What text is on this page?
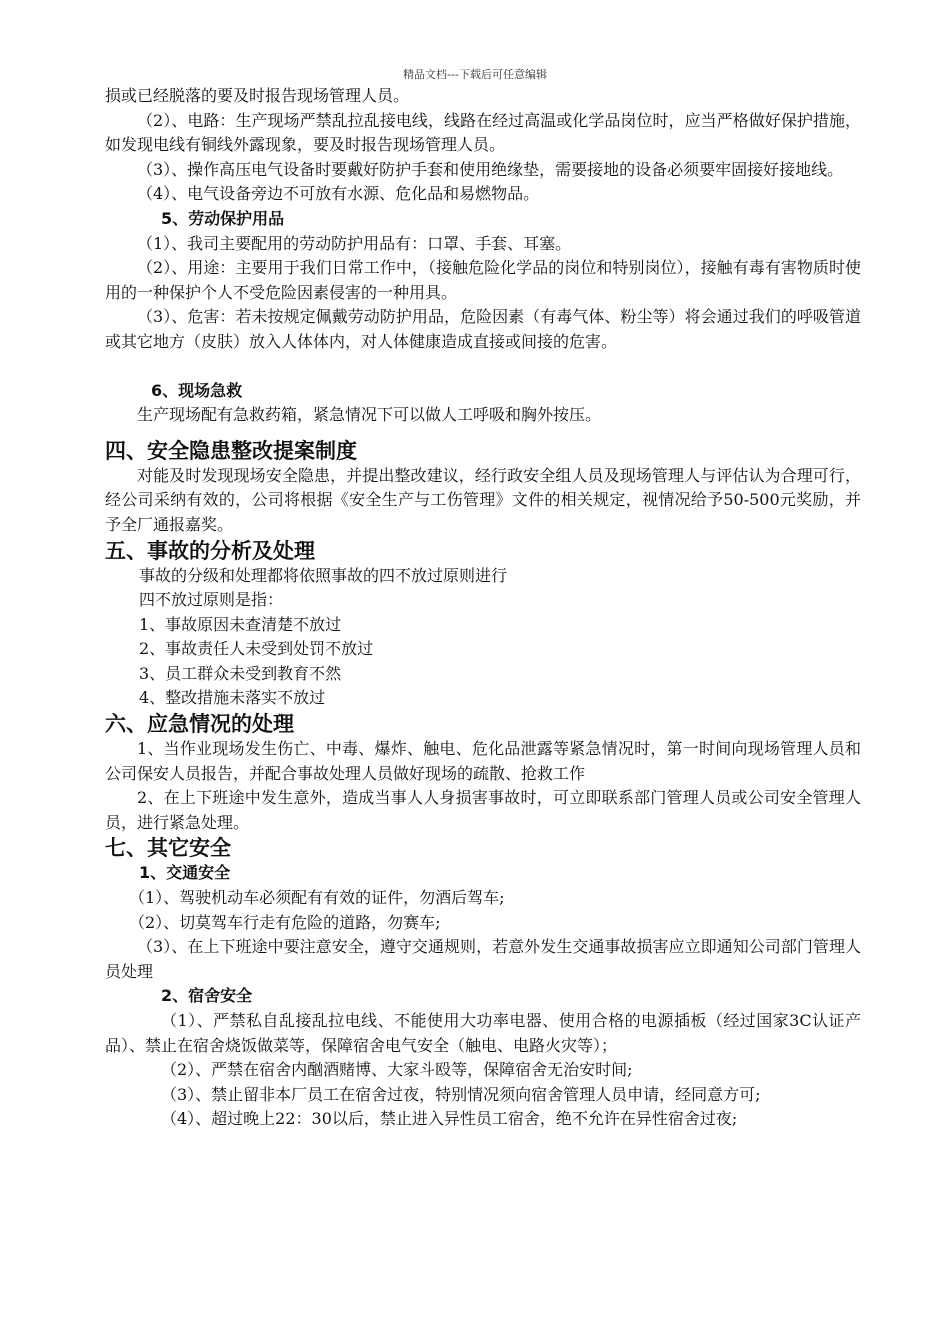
精品文档---下载后可任意编辑
损或已经脱落的要及时报告现场管理人员。
（2）、电路：生产现场严禁乱拉乱接电线，线路在经过高温或化学品岗位时，应当严格做好保护措施，如发现电线有铜线外露现象，要及时报告现场管理人员。
（3）、操作高压电气设备时要戴好防护手套和使用绝缘垫，需要接地的设备必须要牢固接好接地线。
（4）、电气设备旁边不可放有水源、危化品和易燃物品。
5、劳动保护用品
（1）、我司主要配用的劳动防护用品有：口罩、手套、耳塞。
（2）、用途：主要用于我们日常工作中，（接触危险化学品的岗位和特别岗位），接触有毒有害物质时使用的一种保护个人不受危险因素侵害的一种用具。
（3）、危害：若未按规定佩戴劳动防护用品，危险因素（有毒气体、粉尘等）将会通过我们的呼吸管道或其它地方（皮肤）放入人体体内，对人体健康造成直接或间接的危害。
6、现场急救
生产现场配有急救药箱，紧急情况下可以做人工呼吸和胸外按压。
四、安全隐患整改提案制度
对能及时发现现场安全隐患，并提出整改建议，经行政安全组人员及现场管理人与评估认为合理可行，经公司采纳有效的，公司将根据《安全生产与工伤管理》文件的相关规定，视情况给予50-500元奖励，并予全厂通报嘉奖。
五、事故的分析及处理
事故的分级和处理都将依照事故的四不放过原则进行
四不放过原则是指：
1、事故原因未查清楚不放过
2、事故责任人未受到处罚不放过
3、员工群众未受到教育不然
4、整改措施未落实不放过
六、应急情况的处理
1、当作业现场发生伤亡、中毒、爆炸、触电、危化品泄露等紧急情况时，第一时间向现场管理人员和公司保安人员报告，并配合事故处理人员做好现场的疏散、抢救工作
2、在上下班途中发生意外，造成当事人人身损害事故时，可立即联系部门管理人员或公司安全管理人员，进行紧急处理。
七、其它安全
1、交通安全
（1）、驾驶机动车必须配有有效的证件，勿酒后驾车;
（2）、切莫驾车行走有危险的道路，勿赛车;
（3）、在上下班途中要注意安全，遵守交通规则，若意外发生交通事故损害应立即通知公司部门管理人员处理
2、宿舍安全
（1）、严禁私自乱接乱拉电线、不能使用大功率电器、使用合格的电源插板（经过国家3C认证产品）、禁止在宿舍烧饭做菜等，保障宿舍电气安全（触电、电路火灾等）；
（2）、严禁在宿舍内酗酒赌博、大家斗殴等，保障宿舍无治安时间;
（3）、禁止留非本厂员工在宿舍过夜，特别情况须向宿舍管理人员申请，经同意方可;
（4）、超过晚上22：30以后，禁止进入异性员工宿舍，绝不允许在异性宿舍过夜;
